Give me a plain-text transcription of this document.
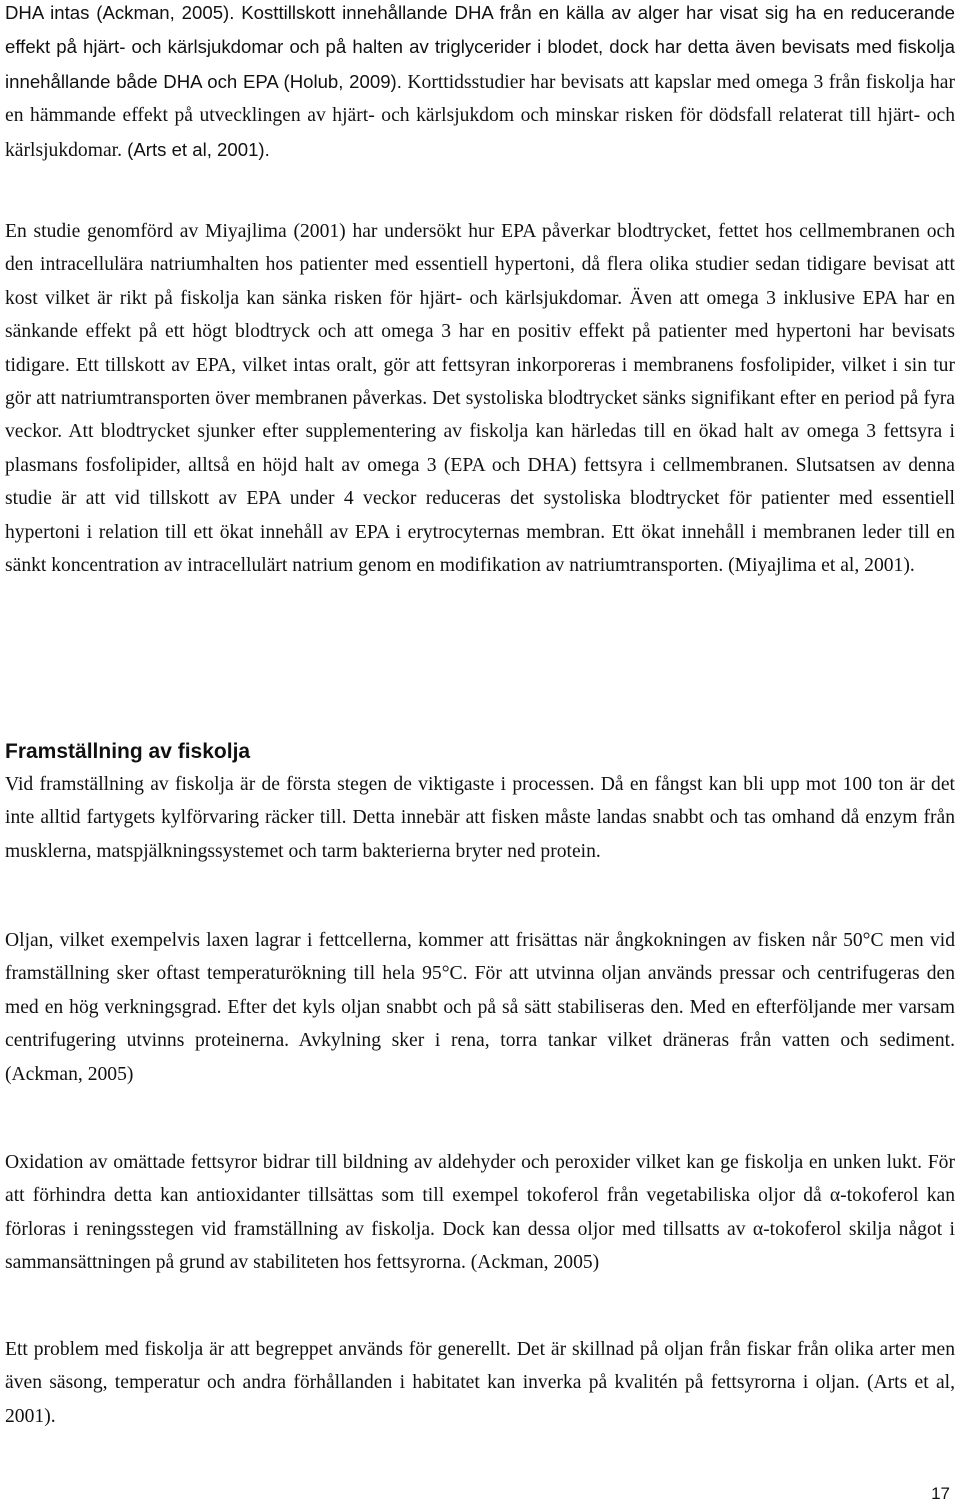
DHA intas (Ackman, 2005). Kosttillskott innehållande DHA från en källa av alger har visat sig ha en reducerande effekt på hjärt- och kärlsjukdomar och på halten av triglycerider i blodet, dock har detta även bevisats med fiskolja innehållande både DHA och EPA (Holub, 2009). Korttidsstudier har bevisats att kapslar med omega 3 från fiskolja har en hämmande effekt på utvecklingen av hjärt- och kärlsjukdom och minskar risken för dödsfall relaterat till hjärt- och kärlsjukdomar. (Arts et al, 2001).

En studie genomförd av Miyajlima (2001) har undersökt hur EPA påverkar blodtrycket, fettet hos cellmembranen och den intracellulära natriumhalten hos patienter med essentiell hypertoni, då flera olika studier sedan tidigare bevisat att kost vilket är rikt på fiskolja kan sänka risken för hjärt- och kärlsjukdomar. Även att omega 3 inklusive EPA har en sänkande effekt på ett högt blodtryck och att omega 3 har en positiv effekt på patienter med hypertoni har bevisats tidigare. Ett tillskott av EPA, vilket intas oralt, gör att fettsyran inkorporeras i membranens fosfolipider, vilket i sin tur gör att natriumtransporten över membranen påverkas. Det systoliska blodtrycket sänks signifikant efter en period på fyra veckor. Att blodtrycket sjunker efter supplementering av fiskolja kan härledas till en ökad halt av omega 3 fettsyra i plasmans fosfolipider, alltså en höjd halt av omega 3 (EPA och DHA) fettsyra i cellmembranen. Slutsatsen av denna studie är att vid tillskott av EPA under 4 veckor reduceras det systoliska blodtrycket för patienter med essentiell hypertoni i relation till ett ökat innehåll av EPA i erytrocyternas membran. Ett ökat innehåll i membranen leder till en sänkt koncentration av intracellulärt natrium genom en modifikation av natriumtransporten. (Miyajlima et al, 2001).

Framställning av fiskolja

Vid framställning av fiskolja är de första stegen de viktigaste i processen. Då en fångst kan bli upp mot 100 ton är det inte alltid fartygets kylförvaring räcker till. Detta innebär att fisken måste landas snabbt och tas omhand då enzym från musklerna, matspjälkningssystemet och tarm bakterierna bryter ned protein.

Oljan, vilket exempelvis laxen lagrar i fettcellerna, kommer att frisättas när ångkokningen av fisken når 50°C men vid framställning sker oftast temperaturökning till hela 95°C. För att utvinna oljan används pressar och centrifugeras den med en hög verkningsgrad. Efter det kyls oljan snabbt och på så sätt stabiliseras den. Med en efterföljande mer varsam centrifugering utvinns proteinerna. Avkylning sker i rena, torra tankar vilket dräneras från vatten och sediment. (Ackman, 2005)

Oxidation av omättade fettsyror bidrar till bildning av aldehyder och peroxider vilket kan ge fiskolja en unken lukt. För att förhindra detta kan antioxidanter tillsättas som till exempel tokoferol från vegetabiliska oljor då α-tokoferol kan förloras i reningsstegen vid framställning av fiskolja. Dock kan dessa oljor med tillsatts av α-tokoferol skilja något i sammansättningen på grund av stabiliteten hos fettsyrorna. (Ackman, 2005)

Ett problem med fiskolja är att begreppet används för generellt. Det är skillnad på oljan från fiskar från olika arter men även säsong, temperatur och andra förhållanden i habitatet kan inverka på kvalitén på fettsyrorna i oljan. (Arts et al, 2001).

17
